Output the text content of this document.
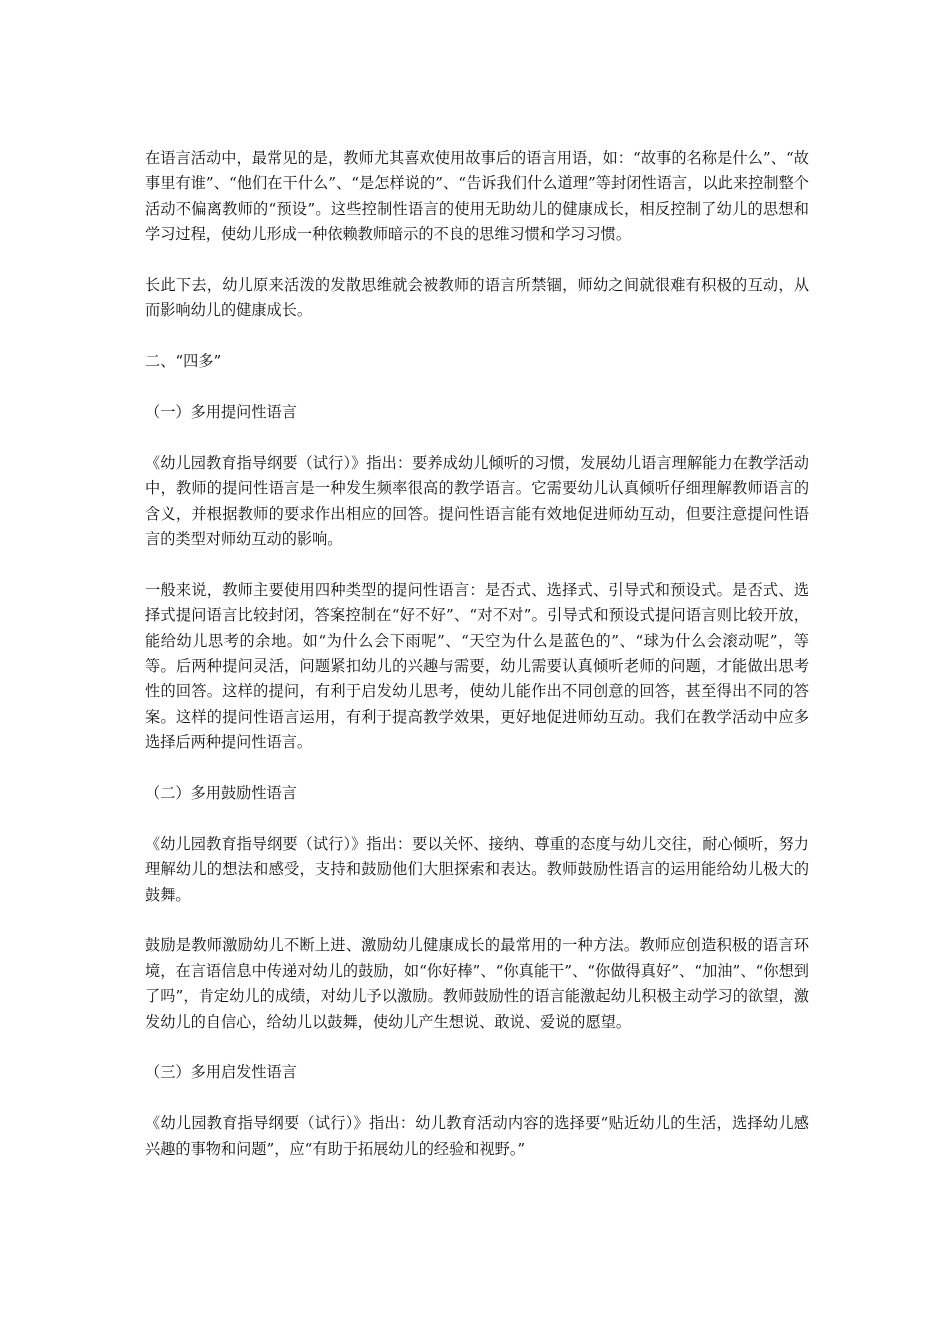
在语言活动中，最常见的是，教师尤其喜欢使用故事后的语言用语，如：“故事的名称是什么”、“故事里有谁”、“他们在干什么”、“是怎样说的”、“告诉我们什么道理”等封闭性语言，以此来控制整个活动不偏离教师的“预设”。这些控制性语言的使用无助幼儿的健康成长，相反控制了幼儿的思想和学习过程，使幼儿形成一种依赖教师暗示的不良的思维习惯和学习习惯。

长此下去，幼儿原来活泼的发散思维就会被教师的语言所禁锢，师幼之间就很难有积极的互动，从而影响幼儿的健康成长。

二、“四多”

（一）多用提问性语言

《幼儿园教育指导纲要（试行）》指出：要养成幼儿倾听的习惯，发展幼儿语言理解能力在教学活动中，教师的提问性语言是一种发生频率很高的教学语言。它需要幼儿认真倾听仔细理解教师语言的含义，并根据教师的要求作出相应的回答。提问性语言能有效地促进师幼互动，但要注意提问性语言的类型对师幼互动的影响。

一般来说，教师主要使用四种类型的提问性语言：是否式、选择式、引导式和预设式。是否式、选择式提问语言比较封闭，答案控制在“好不好”、“对不对”。引导式和预设式提问语言则比较开放，能给幼儿思考的余地。如“为什么会下雨呢”、“天空为什么是蓝色的”、“球为什么会滚动呢”，等等。后两种提问灵活，问题紧扣幼儿的兴趣与需要，幼儿需要认真倾听老师的问题，才能做出思考性的回答。这样的提问，有利于启发幼儿思考，使幼儿能作出不同创意的回答，甚至得出不同的答案。这样的提问性语言运用，有利于提高教学效果，更好地促进师幼互动。我们在教学活动中应多选择后两种提问性语言。

（二）多用鼓励性语言

《幼儿园教育指导纲要（试行）》指出：要以关怀、接纳、尊重的态度与幼儿交往，耐心倾听，努力理解幼儿的想法和感受，支持和鼓励他们大胆探索和表达。教师鼓励性语言的运用能给幼儿极大的鼓舞。

鼓励是教师激励幼儿不断上进、激励幼儿健康成长的最常用的一种方法。教师应创造积极的语言环境，在言语信息中传递对幼儿的鼓励，如“你好棒”、“你真能干”、“你做得真好”、“加油”、“你想到了吗”，肯定幼儿的成绩，对幼儿予以激励。教师鼓励性的语言能激起幼儿积极主动学习的欲望，激发幼儿的自信心，给幼儿以鼓舞，使幼儿产生想说、敢说、爱说的愿望。

（三）多用启发性语言

《幼儿园教育指导纲要（试行）》指出：幼儿教育活动内容的选择要“贴近幼儿的生活，选择幼儿感兴趣的事物和问题”，应“有助于拓展幼儿的经验和视野。”
